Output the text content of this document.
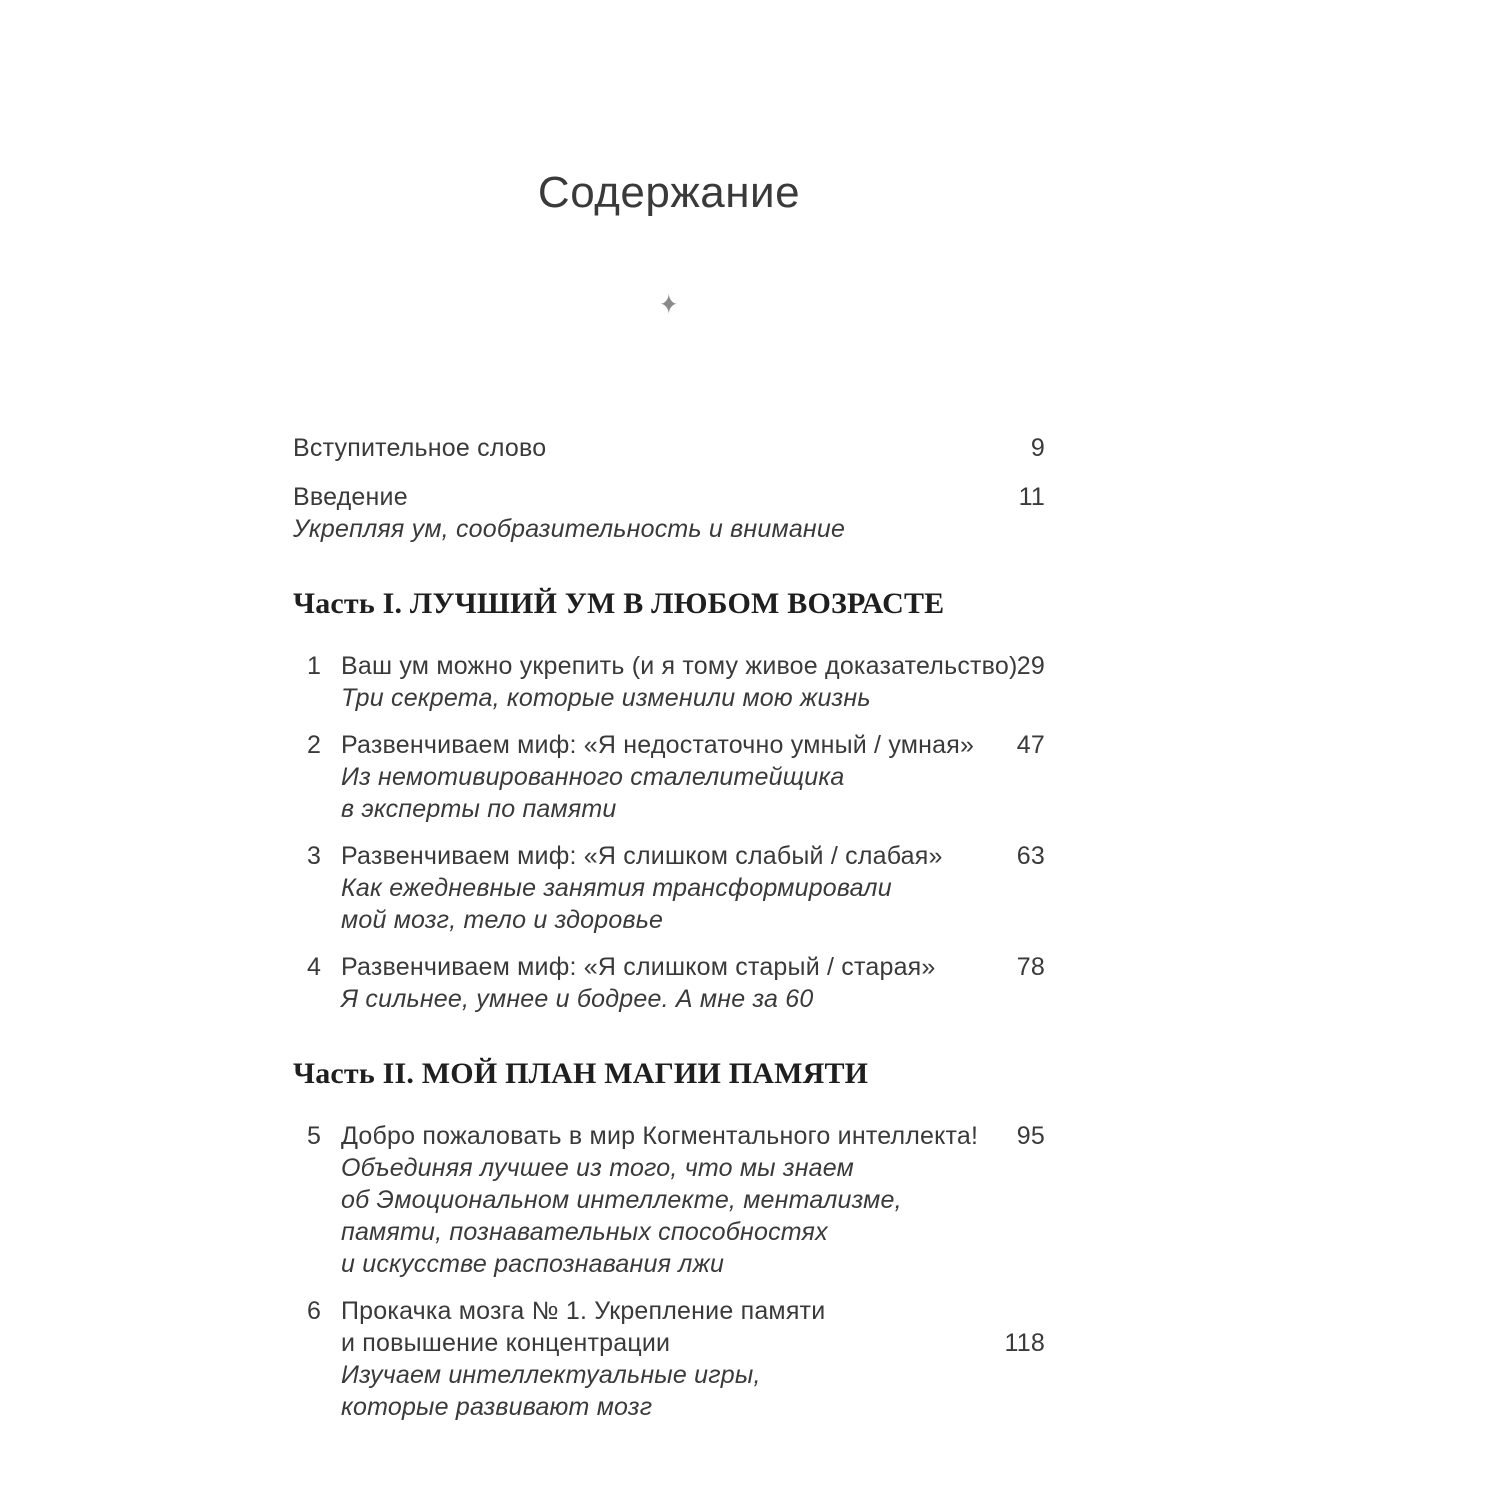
Содержание
✦
Вступительное слово	9
Введение	11
Укрепляя ум, сообразительность и внимание
Часть I. ЛУЧШИЙ УМ В ЛЮБОМ ВОЗРАСТЕ
1 Ваш ум можно укрепить (и я тому живое доказательство) 29
Три секрета, которые изменили мою жизнь
2 Развенчиваем миф: «Я недостаточно умный / умная» 47
Из немотивированного сталелитейщика
в эксперты по памяти
3 Развенчиваем миф: «Я слишком слабый / слабая»	63
Как ежедневные занятия трансформировали
мой мозг, тело и здоровье
4 Развенчиваем миф: «Я слишком старый / старая»	78
Я сильнее, умнее и бодрее. А мне за 60
Часть II. МОЙ ПЛАН МАГИИ ПАМЯТИ
5 Добро пожаловать в мир Когментального интеллекта! 95
Объединяя лучшее из того, что мы знаем
об Эмоциональном интеллекте, ментализме,
памяти, познавательных способностях
и искусстве распознавания лжи
6 Прокачка мозга № 1. Укрепление памяти
и повышение концентрации	118
Изучаем интеллектуальные игры,
которые развивают мозг
